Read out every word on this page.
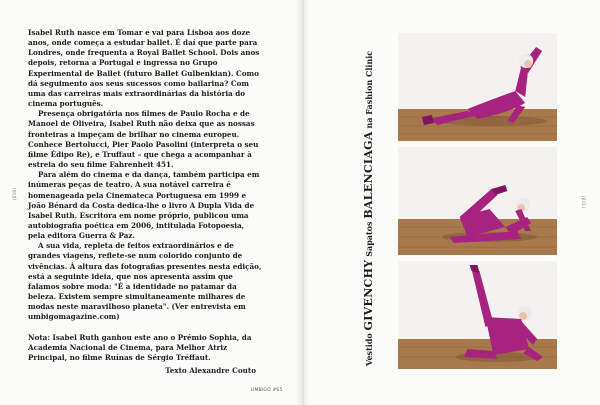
(010)
(011)

Isabel Ruth nasce em Tomar e vai para Lisboa aos doze anos, onde começa a estudar ballet. É daí que parte para Londres, onde frequenta a Royal Ballet School. Dois anos depois, retorna a Portugal e ingressa no Grupo Experimental de Ballet (futuro Ballet Gulbenkian). Como dá seguimento aos seus sucessos como bailarina? Com uma das carreiras mais extraordinárias da história do cinema português.

Presença obrigatória nos filmes de Paulo Rocha e de Manoel de Oliveira, Isabel Ruth não deixa que as nossas fronteiras a impeçam de brilhar no cinema europeu. Conhece Bertolucci, Pier Paolo Pasolini (interpreta o seu filme Édipo Re), e Truffaut – que chega a acompanhar à estreia do seu filme Fahrenheit 451.

Para além do cinema e da dança, também participa em inúmeras peças de teatro. A sua notável carreira é homenageada pela Cinemateca Portuguesa em 1999 e João Bénard da Costa dedica-lhe o livro A Dupla Vida de Isabel Ruth. Escritora em nome próprio, publicou uma autobiografia poética em 2006, intitulada Fotopoesia, pela editora Guerra & Paz.

A sua vida, repleta de feitos extraordinários e de grandes viagens, reflete-se num colorido conjunto de vivências. À altura das fotografias presentes nesta edição, está a seguinte ideia, que nos apresenta assim que falamos sobre moda: "É a identidade no patamar da beleza. Existem sempre simultaneamente milhares de modas neste maravilhoso planeta". (Ver entrevista em umbigomagazine.com)

Nota: Isabel Ruth ganhou este ano o Prémio Sophia, da Academia Nacional de Cinema, para Melhor Atriz Principal, no filme Ruínas de Sérgio Tréffaut.

Texto Alexandre Couto
Vestido GIVENCHY Sapatos BALENCIAGA na Fashion Clinic
UMBIGO #65
